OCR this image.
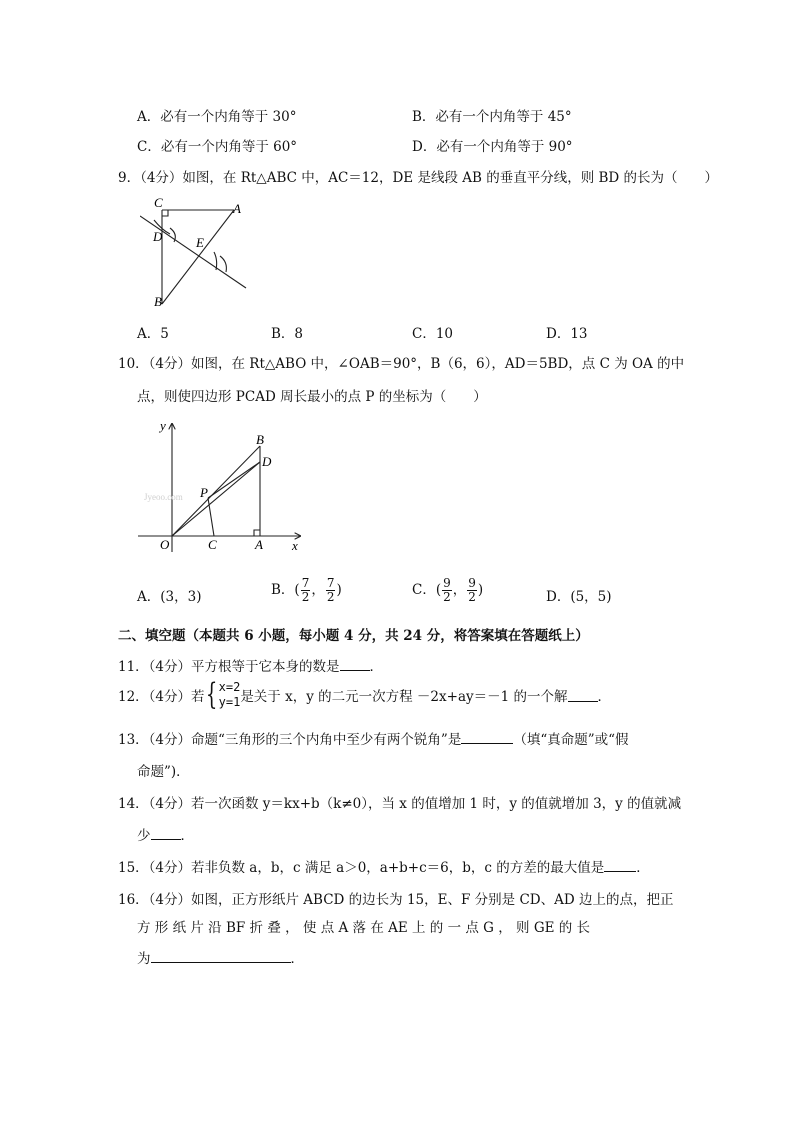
A．必有一个内角等于 30°	B．必有一个内角等于 45°
C．必有一个内角等于 60°	D．必有一个内角等于 90°
9．（4分）如图，在 Rt△ABC 中，AC＝12，DE 是线段 AB 的垂直平分线，则 BD 的长为（　　）
C	A
D	E
B
A．5	B．8	C．10	D．13
10．（4分）如图，在 Rt△ABO 中，∠OAB＝90°，B（6，6），AD＝5BD，点 C 为 OA 的中
点，则使四边形 PCAD 周长最小的点 P 的坐标为（　　）
Jyeoo.com
y
B
D
P
O	C	A x
A．(3，3)	B．( $\frac{7}{2}$ ， $\frac{7}{2}$ )	C．( $\frac{9}{2}$ ， $\frac{9}{2}$ )	D．(5，5)
二、填空题（本题共 6 小题，每小题 4 分，共 24 分，将答案填在答题纸上）
11．（4分）平方根等于它本身的数是 ．
12．（4分）若{ x=2
y=1 是关于 x，y 的二元一次方程 －2x+ay＝－1 的一个解 ．
13．（4分）命题“三角形的三个内角中至少有两个锐角”是	（填“真命题”或“假
命题”)．
14．（4分）若一次函数 y＝kx+b（k≠0），当 x 的值增加 1 时，y 的值就增加 3，y 的值就减
少 ．
15．（4分）若非负数 a，b，c 满足 a＞0，a+b+c＝6，b，c 的方差的最大值是 ．
16．（4分）如图，正方形纸片 ABCD 的边长为 15，E、F 分别是 CD、AD 边上的点，把正
方 形 纸 片 沿 BF 折 叠 ， 使 点 A 落 在 AE 上 的 一 点 G ， 则 GE 的 长
为	．
